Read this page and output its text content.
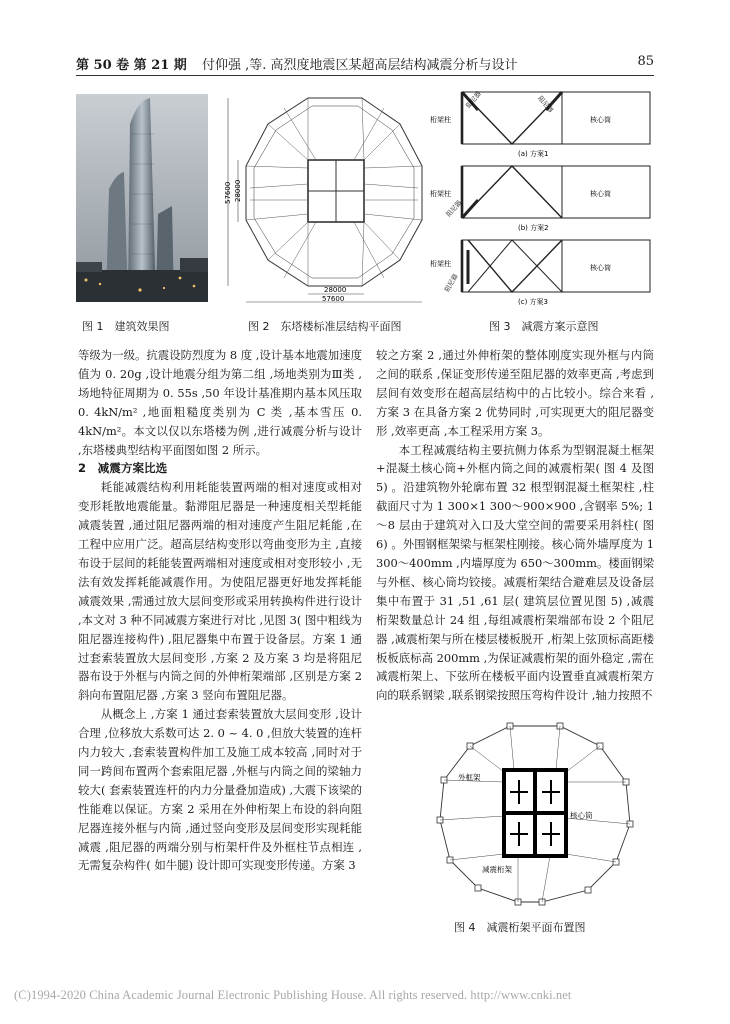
第 50 卷 第 21 期 付仰强 ,等. 高烈度地震区某超高层结构减震分析与设计	85
图 1　建筑效果图
57600 28000
28000
57600
图 2　东塔楼标准层结构平面图
桁架柱	核心筒
阻尼器	阻尼器
(a) 方案1
桁架柱	核心筒
阻尼器
(b) 方案2
桁架柱	核心筒
阻尼器
(c) 方案3
图 3　减震方案示意图

等级为一级。抗震设防烈度为 8 度 ,设计基本地震加速度值为 0. 20g ,设计地震分组为第二组 ,场地类别为Ⅲ类 ,场地特征周期为 0. 55s ,50 年设计基准期内基本风压取 0. 4kN/m² ,地面粗糙度类别为 C 类 ,基本雪压 0. 4kN/m²。本文以仅以东塔楼为例 ,进行减震分析与设计 ,东塔楼典型结构平面图如图 2 所示。

2　减震方案比选

耗能减震结构利用耗能装置两端的相对速度或相对变形耗散地震能量。黏滞阻尼器是一种速度相关型耗能减震装置 ,通过阻尼器两端的相对速度产生阻尼耗能 ,在工程中应用广泛。超高层结构变形以弯曲变形为主 ,直接布设于层间的耗能装置两端相对速度或相对变形较小 ,无法有效发挥耗能减震作用。为使阻尼器更好地发挥耗能减震效果 ,需通过放大层间变形或采用转换构件进行设计 ,本文对 3 种不同减震方案进行对比 ,见图 3( 图中粗线为阻尼器连接构件) ,阻尼器集中布置于设备层。方案 1 通过套索装置放大层间变形 ,方案 2 及方案 3 均是将阻尼器布设于外框与内筒之间的外伸桁架端部 ,区别是方案 2 斜向布置阻尼器 ,方案 3 竖向布置阻尼器。

从概念上 ,方案 1 通过套索装置放大层间变形 ,设计合理 ,位移放大系数可达 2. 0 ~ 4. 0 ,但放大装置的连杆内力较大 ,套索装置构件加工及施工成本较高 ,同时对于同一跨间布置两个套索阻尼器 ,外框与内筒之间的梁轴力较大( 套索装置连杆的内力分量叠加造成) ,大震下该梁的性能难以保证。方案 2 采用在外伸桁架上布设的斜向阻尼器连接外框与内筒 ,通过竖向变形及层间变形实现耗能减震 ,阻尼器的两端分别与桁架杆件及外框柱节点相连 ,无需复杂构件( 如牛腿) 设计即可实现变形传递。方案 3

较之方案 2 ,通过外伸桁架的整体刚度实现外框与内筒之间的联系 ,保证变形传递至阻尼器的效率更高 ,考虑到层间有效变形在超高层结构中的占比较小。综合来看 ,方案 3 在具备方案 2 优势同时 ,可实现更大的阻尼器变形 ,效率更高 ,本工程采用方案 3。

本工程减震结构主要抗侧力体系为型钢混凝土框架+混凝土核心筒+外框内筒之间的减震桁架( 图 4 及图 5) 。沿建筑物外轮廓布置 32 根型钢混凝土框架柱 ,柱截面尺寸为 1 300×1 300～900×900 ,含钢率 5%; 1～8 层由于建筑对入口及大堂空间的需要采用斜柱( 图 6) 。外围钢框架梁与框架柱刚接。核心筒外墙厚度为 1 300～400mm ,内墙厚度为 650～300mm。楼面钢梁与外框、核心筒均铰接。减震桁架结合避难层及设备层集中布置于 31 ,51 ,61 层( 建筑层位置见图 5) ,减震桁架数量总计 24 组 ,每组减震桁架端部布设 2 个阻尼器 ,减震桁架与所在楼层楼板脱开 ,桁架上弦顶标高距楼板板底标高 200mm ,为保证减震桁架的面外稳定 ,需在减震桁架上、下弦所在楼板平面内设置垂直减震桁架方向的联系钢梁 ,联系钢梁按照压弯构件设计 ,轴力按照不

外框架
核心筒
减震桁架
图 4　减震桁架平面布置图
(C)1994-2020 China Academic Journal Electronic Publishing House. All rights reserved. http://www.cnki.net
